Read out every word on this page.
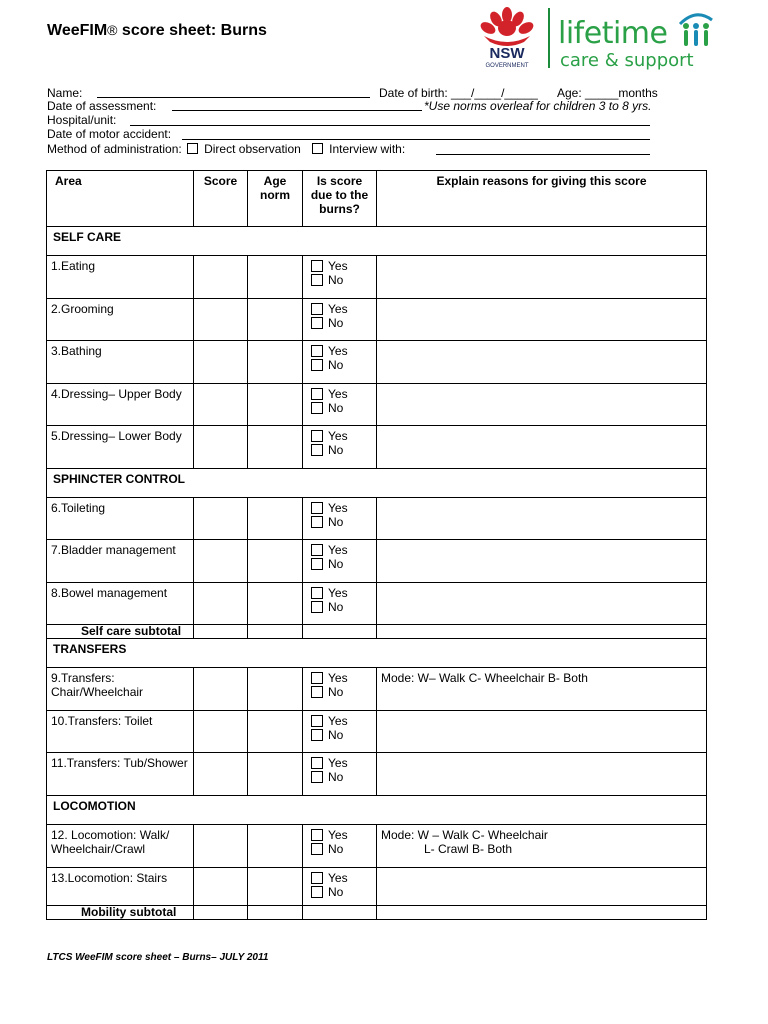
WeeFIM® score sheet: Burns
NSW
GOVERNMENT
lifetime
care & support
Name:	Date of birth: ___/____/_____ Age: _____months
Date of assessment:	*Use norms overleaf for children 3 to 8 yrs.
Hospital/unit:
Date of motor accident:
Method of administration: Direct observation Interview with:
Area	Score	Age norm	Is score due to the burns?	Explain reasons for giving this score
SELF CARE				
1.Eating			Yes
No	

2.Grooming			Yes
No	

3.Bathing			Yes
No	

4.Dressing– Upper Body			Yes
No	

5.Dressing– Lower Body			Yes
No	

SPHINCTER CONTROL				
6.Toileting			Yes
No	

7.Bladder management			Yes
No	

8.Bowel management			Yes
No	

Self care subtotal				
TRANSFERS				
9.Transfers: Chair/Wheelchair			Yes
No	Mode: W– Walk C- Wheelchair B- Both
10.Transfers: Toilet			Yes
No	

11.Transfers: Tub/Shower			Yes
No	

LOCOMOTION				
12. Locomotion: Walk/ Wheelchair/Crawl			Yes
No	Mode: W – Walk C- Wheelchair
L- Crawl B- Both

13.Locomotion: Stairs			Yes
No	

Mobility subtotal				
LTCS WeeFIM score sheet – Burns– JULY 2011
